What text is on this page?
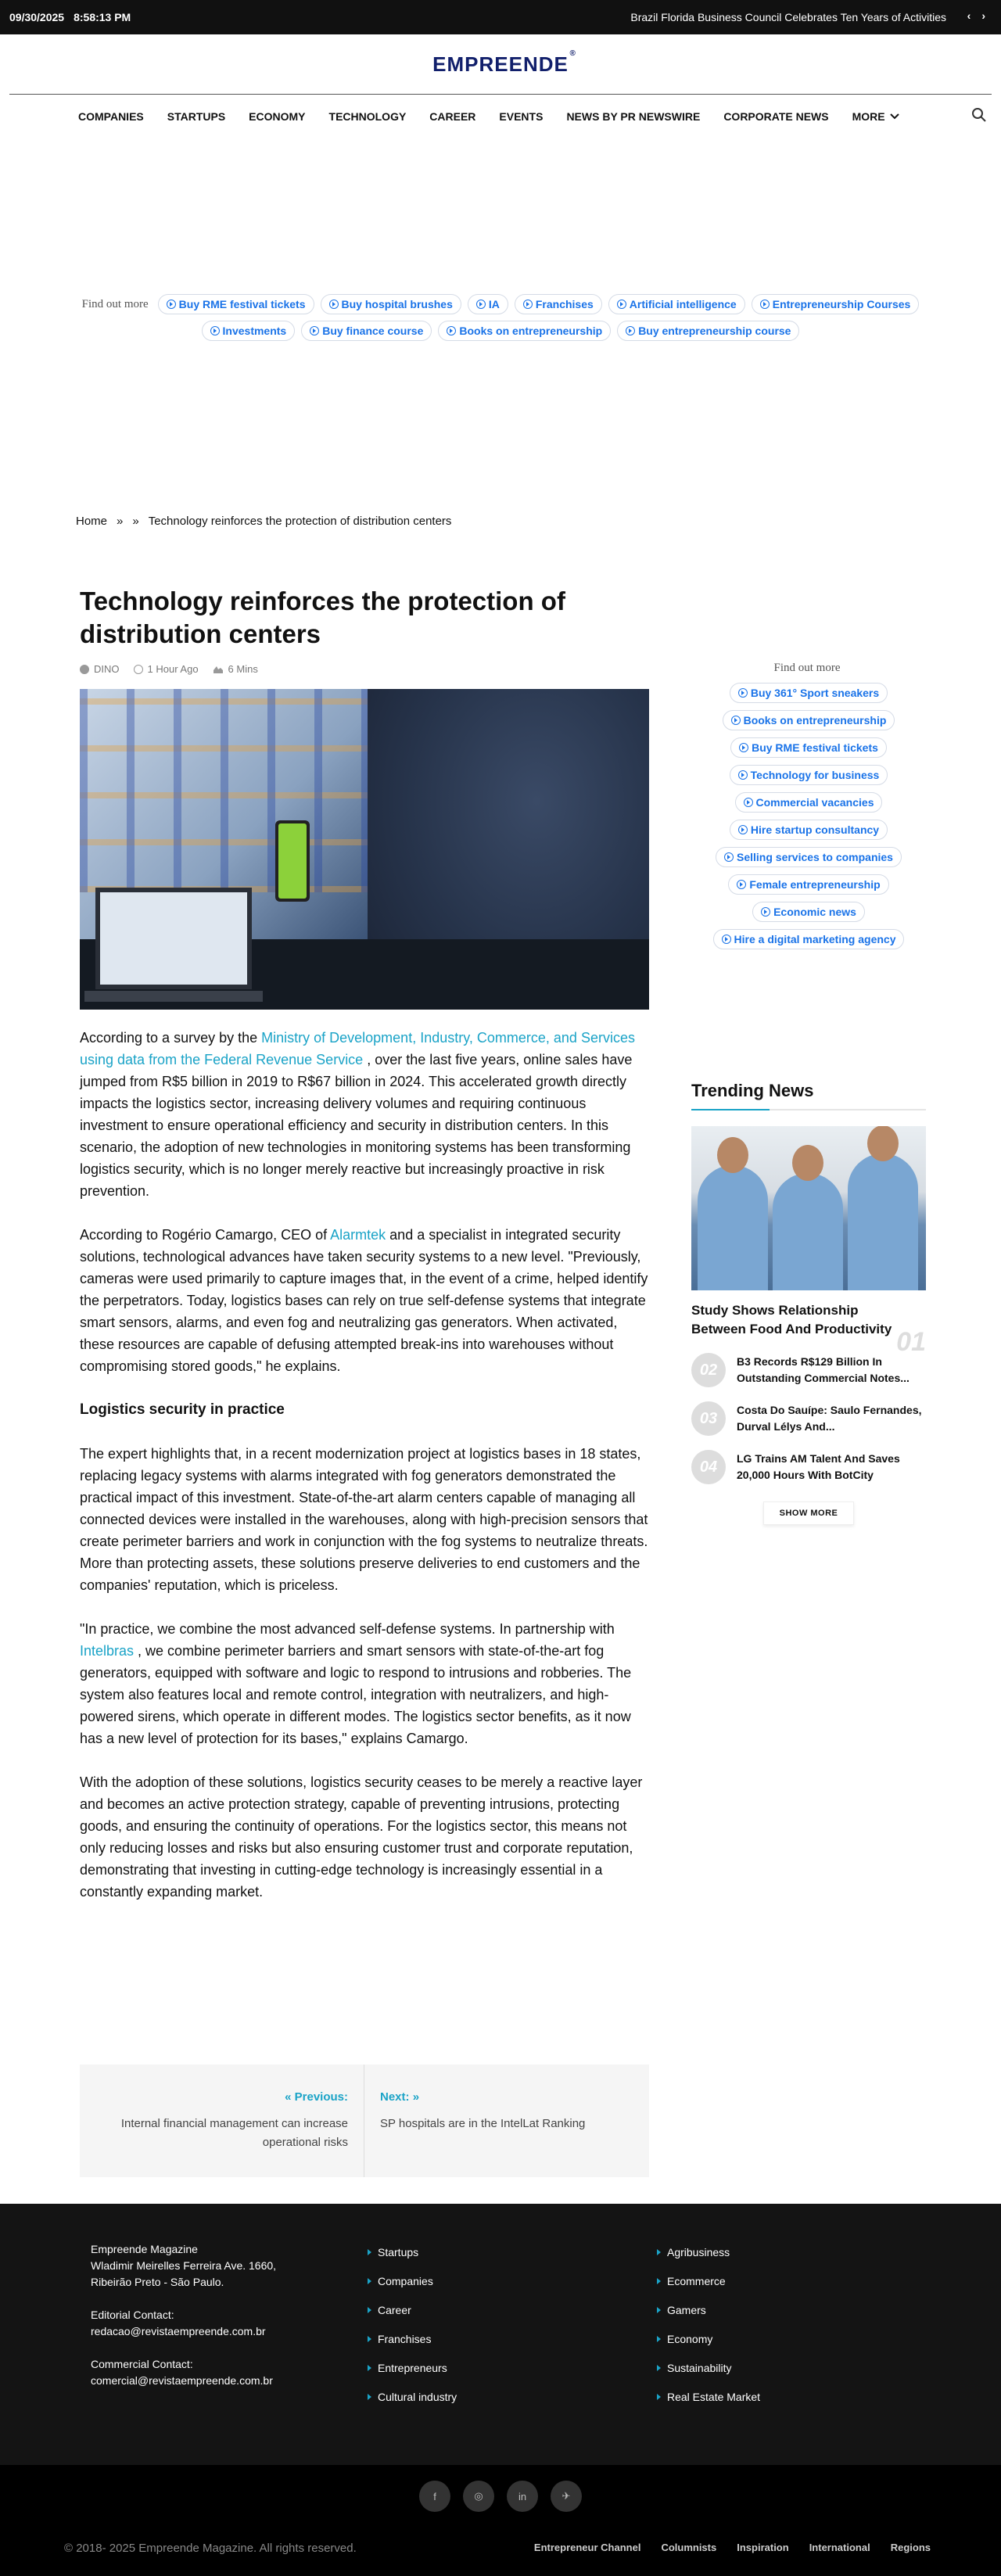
09/30/2025 8:58:13 PM	Brazil Florida Business Council Celebrates Ten Years of Activities ‹ ›
EMPREENDE ®
COMPANIES STARTUPS ECONOMY TECHNOLOGY CAREER EVENTS NEWS BY PR NEWSWIRE CORPORATE NEWS MORE
Find out more	Buy RME festival tickets	Buy hospital brushes	IA	Franchises	Artificial intelligence	Entrepreneurship Courses
Investments	Buy finance course	Books on entrepreneurship	Buy entrepreneurship course
Home » » Technology reinforces the protection of distribution centers
Technology reinforces the protection of distribution centers
DINO	1 Hour Ago	6 Mins

According to a survey by the Ministry of Development, Industry, Commerce, and Services using data from the Federal Revenue Service , over the last five years, online sales have jumped from R$5 billion in 2019 to R$67 billion in 2024. This accelerated growth directly impacts the logistics sector, increasing delivery volumes and requiring continuous investment to ensure operational efficiency and security in distribution centers. In this scenario, the adoption of new technologies in monitoring systems has been transforming logistics security, which is no longer merely reactive but increasingly proactive in risk prevention.

According to Rogério Camargo, CEO of Alarmtek and a specialist in integrated security solutions, technological advances have taken security systems to a new level. "Previously, cameras were used primarily to capture images that, in the event of a crime, helped identify the perpetrators. Today, logistics bases can rely on true self-defense systems that integrate smart sensors, alarms, and even fog and neutralizing gas generators. When activated, these resources are capable of defusing attempted break-ins into warehouses without compromising stored goods," he explains.

Logistics security in practice

The expert highlights that, in a recent modernization project at logistics bases in 18 states, replacing legacy systems with alarms integrated with fog generators demonstrated the practical impact of this investment. State-of-the-art alarm centers capable of managing all connected devices were installed in the warehouses, along with high-precision sensors that create perimeter barriers and work in conjunction with the fog systems to neutralize threats. More than protecting assets, these solutions preserve deliveries to end customers and the companies' reputation, which is priceless.

"In practice, we combine the most advanced self-defense systems. In partnership with Intelbras , we combine perimeter barriers and smart sensors with state-of-the-art fog generators, equipped with software and logic to respond to intrusions and robberies. The system also features local and remote control, integration with neutralizers, and high-powered sirens, which operate in different modes. The logistics sector benefits, as it now has a new level of protection for its bases," explains Camargo.

With the adoption of these solutions, logistics security ceases to be merely a reactive layer and becomes an active protection strategy, capable of preventing intrusions, protecting goods, and ensuring the continuity of operations. For the logistics sector, this means not only reducing losses and risks but also ensuring customer trust and corporate reputation, demonstrating that investing in cutting-edge technology is increasingly essential in a constantly expanding market.

« Previous:
Internal financial management can increase operational risks
Next: »
SP hospitals are in the IntelLat Ranking
Find out more
Buy 361° Sport sneakers
Books on entrepreneurship
Buy RME festival tickets
Technology for business
Commercial vacancies
Hire startup consultancy
Selling services to companies
Female entrepreneurship
Economic news
Hire a digital marketing agency
Trending News
Study Shows Relationship Between Food And Productivity 01
02	B3 Records R$129 Billion In Outstanding Commercial Notes...
03	Costa Do Sauípe: Saulo Fernandes, Durval Lélys And...
04	LG Trains AM Talent And Saves 20,000 Hours With BotCity
SHOW MORE
Empreende Magazine
Wladimir Meirelles Ferreira Ave. 1660,
Ribeirão Preto - São Paulo.
Editorial Contact:
redacao@revistaempreende.com.br
Commercial Contact:
comercial@revistaempreende.com.br
Startups
Companies
Career
Franchises
Entrepreneurs
Cultural industry
Agribusiness
Ecommerce
Gamers
Economy
Sustainability
Real Estate Market
f	◎	in	✈
© 2018- 2025 Empreende Magazine. All rights reserved.	Entrepreneur Channel Columnists Inspiration International Regions
